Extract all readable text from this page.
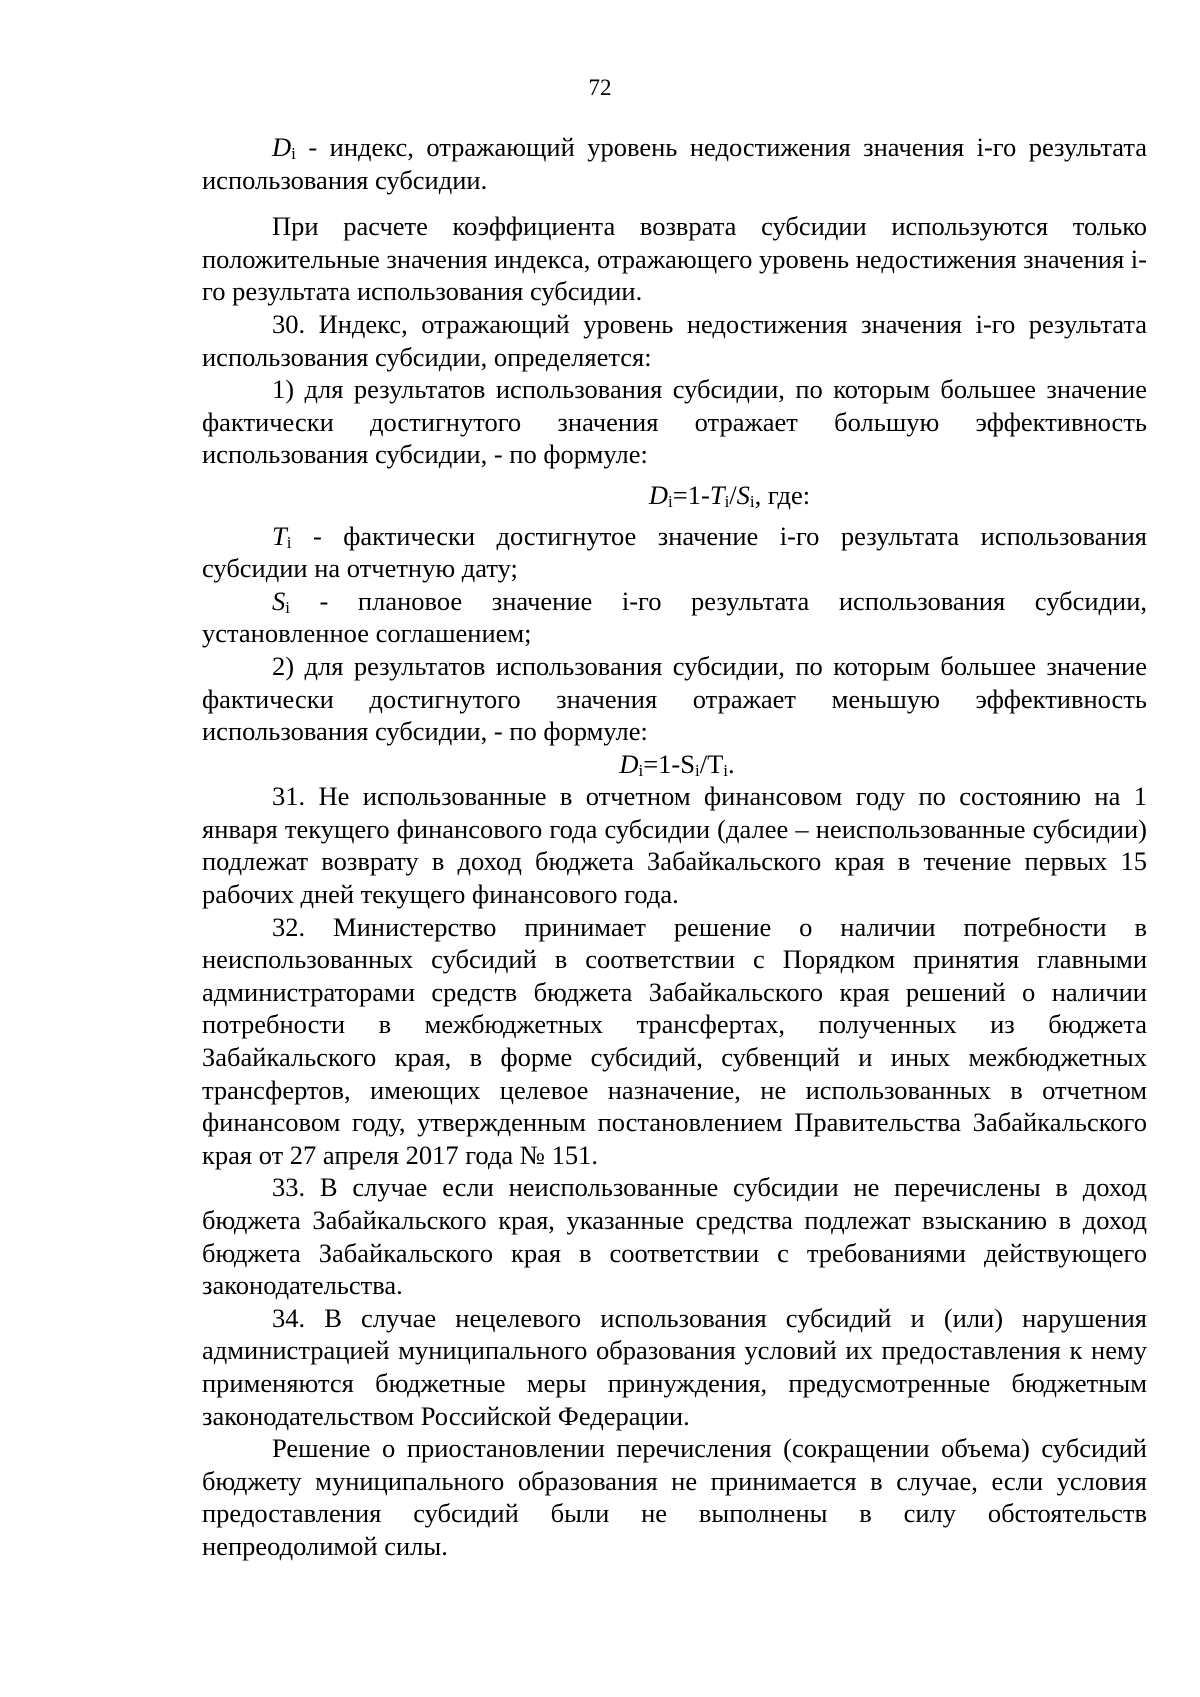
72

$D_i$ - индекс, отражающий уровень недостижения значения i-го результата использования субсидии.

При расчете коэффициента возврата субсидии используются только положительные значения индекса, отражающего уровень недостижения значения i-го результата использования субсидии.

30. Индекс, отражающий уровень недостижения значения i-го результата использования субсидии, определяется:

1) для результатов использования субсидии, по которым большее значение фактически достигнутого значения отражает большую эффективность использования субсидии, - по формуле:

$D_i=1-T_i/S_i$, где:

$T_i$ - фактически достигнутое значение i-го результата использования субсидии на отчетную дату;

$S_i$ - плановое значение i-го результата использования субсидии, установленное соглашением;

2) для результатов использования субсидии, по которым большее значение фактически достигнутого значения отражает меньшую эффективность использования субсидии, - по формуле:

$D_i=1-S_i/T_i$.

31. Не использованные в отчетном финансовом году по состоянию на 1 января текущего финансового года субсидии (далее – неиспользованные субсидии) подлежат возврату в доход бюджета Забайкальского края в течение первых 15 рабочих дней текущего финансового года.

32. Министерство принимает решение о наличии потребности в неиспользованных субсидий в соответствии с Порядком принятия главными администраторами средств бюджета Забайкальского края решений о наличии потребности в межбюджетных трансфертах, полученных из бюджета Забайкальского края, в форме субсидий, субвенций и иных межбюджетных трансфертов, имеющих целевое назначение, не использованных в отчетном финансовом году, утвержденным постановлением Правительства Забайкальского края от 27 апреля 2017 года № 151.

33. В случае если неиспользованные субсидии не перечислены в доход бюджета Забайкальского края, указанные средства подлежат взысканию в доход бюджета Забайкальского края в соответствии с требованиями действующего законодательства.

34. В случае нецелевого использования субсидий и (или) нарушения администрацией муниципального образования условий их предоставления к нему применяются бюджетные меры принуждения, предусмотренные бюджетным законодательством Российской Федерации.

Решение о приостановлении перечисления (сокращении объема) субсидий бюджету муниципального образования не принимается в случае, если условия предоставления субсидий были не выполнены в силу обстоятельств непреодолимой силы.
